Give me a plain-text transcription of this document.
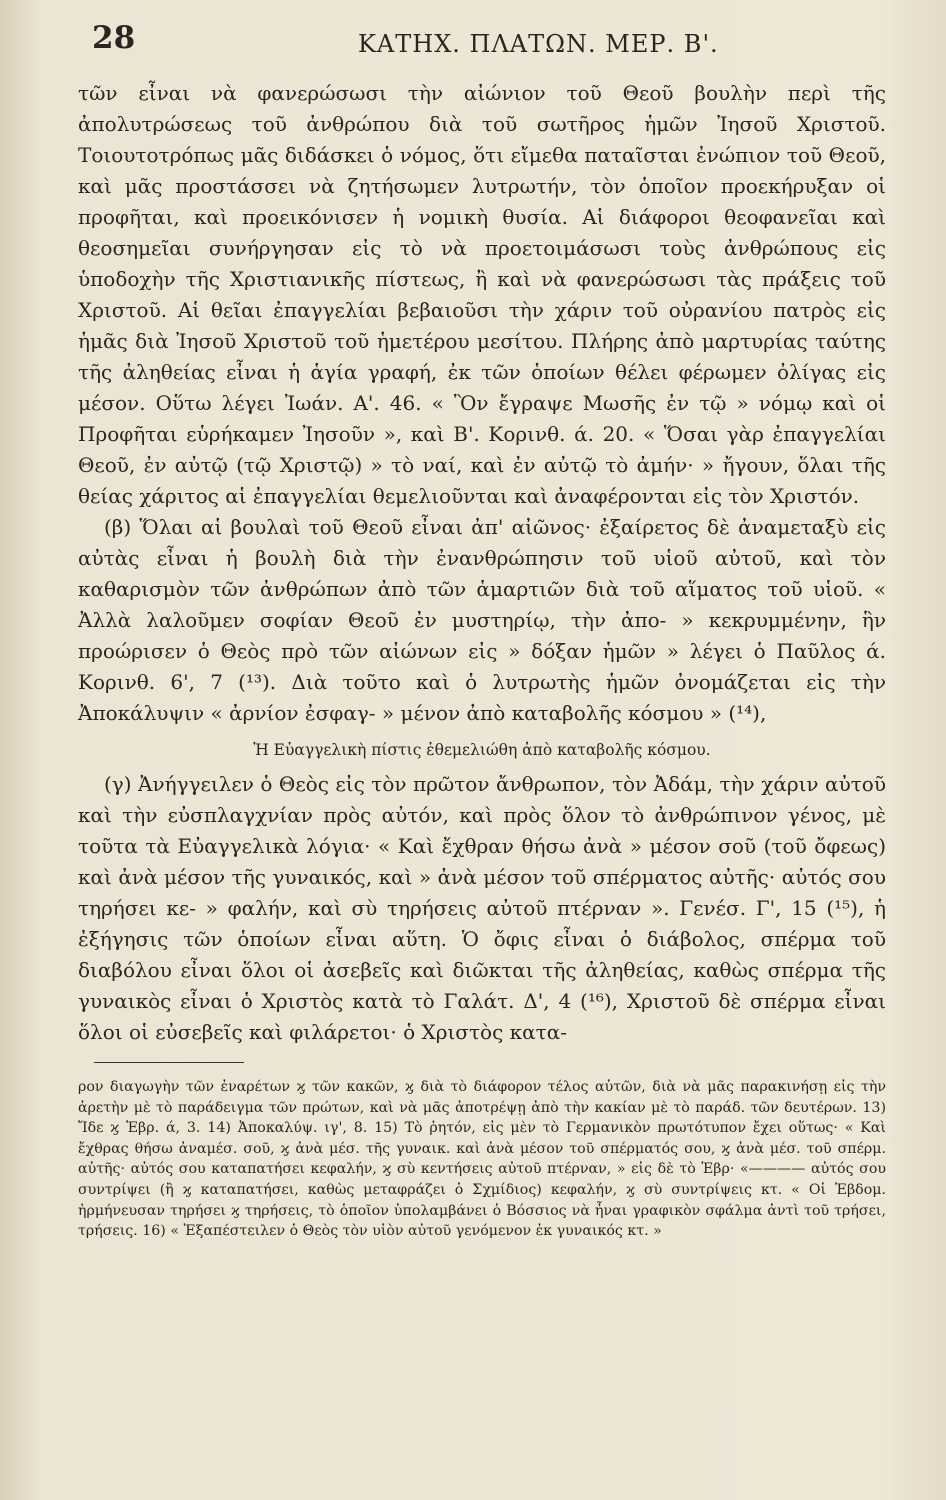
28	ΚΑΤΗΧ. ΠΛΑΤΩΝ. ΜΕΡ. Β'.

τῶν εἶναι νὰ φανερώσωσι τὴν αἰώνιον τοῦ Θεοῦ βουλὴν περὶ τῆς ἀπολυτρώσεως τοῦ ἀνθρώπου διὰ τοῦ σωτῆρος ἡμῶν Ἰησοῦ Χριστοῦ. Τοιουτοτρόπως μᾶς διδάσκει ὁ νόμος, ὅτι εἴμεθα παταῖσται ἐνώπιον τοῦ Θεοῦ, καὶ μᾶς προστάσσει νὰ ζητήσωμεν λυτρωτήν, τὸν ὁποῖον προεκήρυξαν οἱ προφῆται, καὶ προεικόνισεν ἡ νομικὴ θυσία. Αἱ διάφοροι θεοφανεῖαι καὶ θεοσημεῖαι συνήργησαν εἰς τὸ νὰ προετοιμάσωσι τοὺς ἀνθρώπους εἰς ὑποδοχὴν τῆς Χριστιανικῆς πίστεως, ἢ καὶ νὰ φανερώσωσι τὰς πράξεις τοῦ Χριστοῦ. Αἱ θεῖαι ἐπαγγελίαι βεβαιοῦσι τὴν χάριν τοῦ οὐρανίου πατρὸς εἰς ἡμᾶς διὰ Ἰησοῦ Χριστοῦ τοῦ ἡμετέρου μεσίτου. Πλήρης ἀπὸ μαρτυρίας ταύτης τῆς ἀληθείας εἶναι ἡ ἁγία γραφή, ἐκ τῶν ὁποίων θέλει φέρωμεν ὀλίγας εἰς μέσον. Οὕτω λέγει Ἰωάν. Α'. 46. « Ὃν ἔγραψε Μωσῆς ἐν τῷ » νόμῳ καὶ οἱ Προφῆται εὑρήκαμεν Ἰησοῦν », καὶ Β'. Κορινθ. ά. 20. « Ὅσαι γὰρ ἐπαγγελίαι Θεοῦ, ἐν αὐτῷ (τῷ Χριστῷ) » τὸ ναί, καὶ ἐν αὐτῷ τὸ ἀμήν· » ἤγουν, ὅλαι τῆς θείας χάριτος αἱ ἐπαγγελίαι θεμελιοῦνται καὶ ἀναφέρονται εἰς τὸν Χριστόν.

(β) Ὅλαι αἱ βουλαὶ τοῦ Θεοῦ εἶναι ἀπ' αἰῶνος· ἐξαίρετος δὲ ἀναμεταξὺ εἰς αὐτὰς εἶναι ἡ βουλὴ διὰ τὴν ἐνανθρώπησιν τοῦ υἱοῦ αὐτοῦ, καὶ τὸν καθαρισμὸν τῶν ἀνθρώπων ἀπὸ τῶν ἁμαρτιῶν διὰ τοῦ αἵματος τοῦ υἱοῦ. « Ἀλλὰ λαλοῦμεν σοφίαν Θεοῦ ἐν μυστηρίῳ, τὴν ἀπο- » κεκρυμμένην, ἣν προώρισεν ὁ Θεὸς πρὸ τῶν αἰώνων εἰς » δόξαν ἡμῶν » λέγει ὁ Παῦλος ά. Κορινθ. 6', 7 (¹³). Διὰ τοῦτο καὶ ὁ λυτρωτὴς ἡμῶν ὀνομάζεται εἰς τὴν Ἀποκάλυψιν « ἀρνίον ἐσφαγ- » μένον ἀπὸ καταβολῆς κόσμου » (¹⁴),

Ἡ Εὐαγγελικὴ πίστις ἐθεμελιώθη ἀπὸ καταβολῆς κόσμου.

(γ) Ἀνήγγειλεν ὁ Θεὸς εἰς τὸν πρῶτον ἄνθρωπον, τὸν Ἀδάμ, τὴν χάριν αὐτοῦ καὶ τὴν εὐσπλαγχνίαν πρὸς αὐτόν, καὶ πρὸς ὅλον τὸ ἀνθρώπινον γένος, μὲ τοῦτα τὰ Εὐαγγελικὰ λόγια· « Καὶ ἔχθραν θήσω ἀνὰ » μέσον σοῦ (τοῦ ὄφεως) καὶ ἀνὰ μέσον τῆς γυναικός, καὶ » ἀνὰ μέσον τοῦ σπέρματος αὐτῆς· αὐτός σου τηρήσει κε- » φαλήν, καὶ σὺ τηρήσεις αὐτοῦ πτέρναν ». Γενέσ. Γ', 15 (¹⁵), ἡ ἐξήγησις τῶν ὁποίων εἶναι αὕτη. Ὁ ὄφις εἶναι ὁ διάβολος, σπέρμα τοῦ διαβόλου εἶναι ὅλοι οἱ ἀσεβεῖς καὶ διῶκται τῆς ἀληθείας, καθὼς σπέρμα τῆς γυναικὸς εἶναι ὁ Χριστὸς κατὰ τὸ Γαλάτ. Δ', 4 (¹⁶), Χριστοῦ δὲ σπέρμα εἶναι ὅλοι οἱ εὐσεβεῖς καὶ φιλάρετοι· ὁ Χριστὸς κατα-

ρον διαγωγὴν τῶν ἐναρέτων ϗ τῶν κακῶν, ϗ διὰ τὸ διάφορον τέλος αὐτῶν, διὰ νὰ μᾶς παρακινήσῃ εἰς τὴν ἀρετὴν μὲ τὸ παράδειγμα τῶν πρώτων, καὶ νὰ μᾶς ἀποτρέψῃ ἀπὸ τὴν κακίαν μὲ τὸ παράδ. τῶν δευτέρων. 13) Ἴδε ϗ Ἑβρ. ά, 3. 14) Ἀποκαλύψ. ιγ', 8. 15) Τὸ ῥητόν, εἰς μὲν τὸ Γερμανικὸν πρωτότυπον ἔχει οὕτως· « Καὶ ἔχθρας θήσω ἀναμέσ. σοῦ, ϗ ἀνὰ μέσ. τῆς γυναικ. καὶ ἀνὰ μέσον τοῦ σπέρματός σου, ϗ ἀνὰ μέσ. τοῦ σπέρμ. αὐτῆς· αὐτός σου καταπατήσει κεφαλήν, ϗ σὺ κεντήσεις αὐτοῦ πτέρναν, » εἰς δὲ τὸ Ἑβρ· «———— αὐτός σου συντρίψει (ἢ ϗ καταπατήσει, καθὼς μεταφράζει ὁ Σχμίδιος) κεφαλήν, ϗ σὺ συντρίψεις κτ. « Οἱ Ἑβδομ. ἡρμήνευσαν τηρήσει ϗ τηρήσεις, τὸ ὁποῖον ὑπολαμβάνει ὁ Βόσσιος νὰ ἦναι γραφικὸν σφάλμα ἀντὶ τοῦ τρήσει, τρήσεις. 16) « Ἐξαπέστειλεν ὁ Θεὸς τὸν υἱὸν αὐτοῦ γενόμενον ἐκ γυναικός κτ. »
